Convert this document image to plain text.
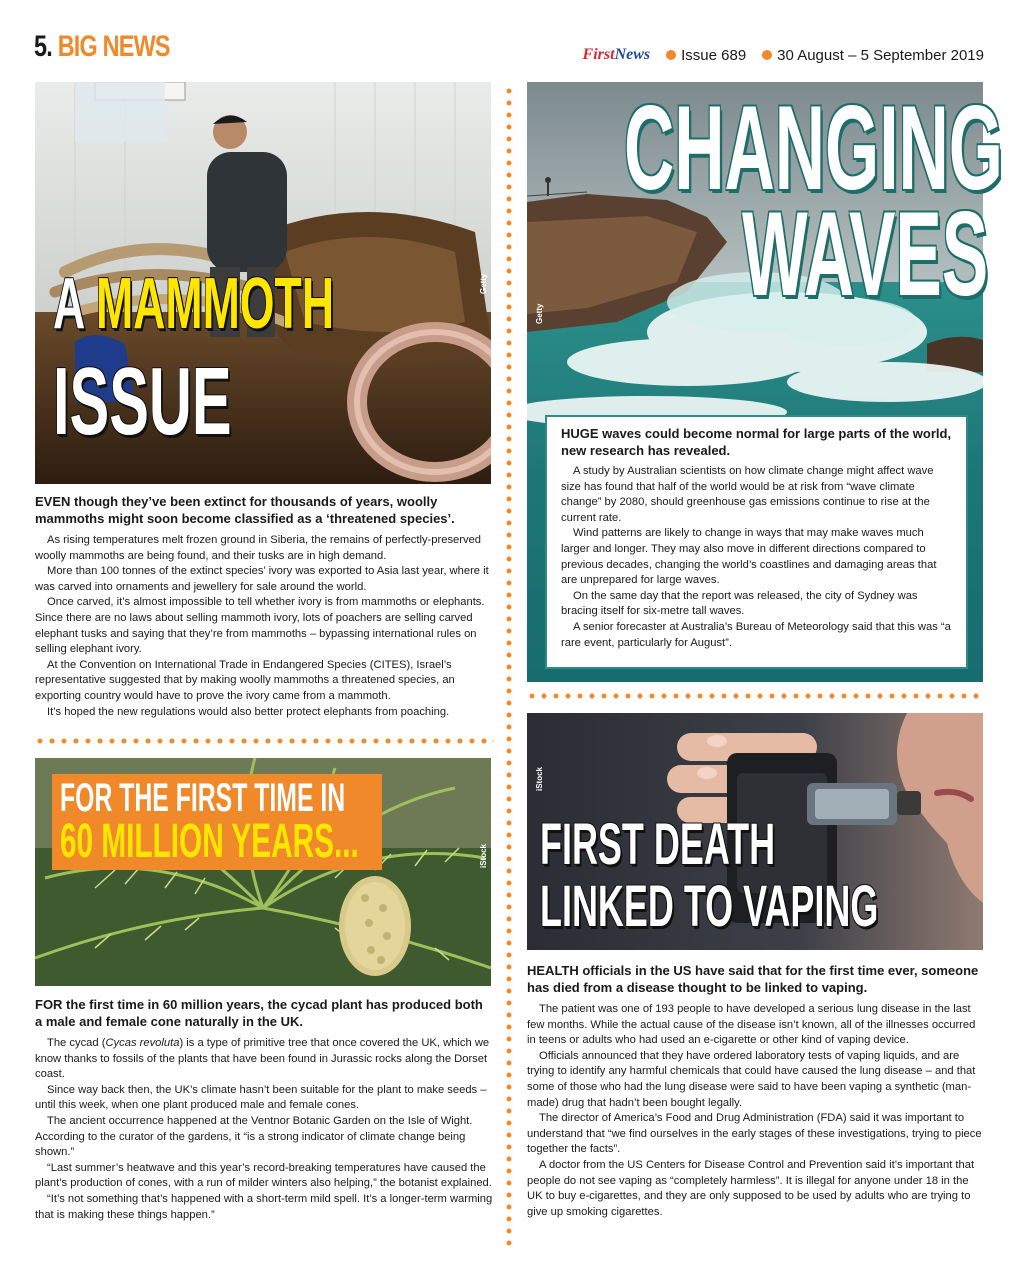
5. BIG NEWS	FirstNews Issue 689 30 August – 5 September 2019
Getty
A MAMMOTH
ISSUE
EVEN though they’ve been extinct for thousands of years, woolly mammoths might soon become classified as a ‘threatened species’.

As rising temperatures melt frozen ground in Siberia, the remains of perfectly-preserved woolly mammoths are being found, and their tusks are in high demand.

More than 100 tonnes of the extinct species’ ivory was exported to Asia last year, where it was carved into ornaments and jewellery for sale around the world.

Once carved, it’s almost impossible to tell whether ivory is from mammoths or elephants. Since there are no laws about selling mammoth ivory, lots of poachers are selling carved elephant tusks and saying that they’re from mammoths – bypassing international rules on selling elephant ivory.

At the Convention on International Trade in Endangered Species (CITES), Israel’s representative suggested that by making woolly mammoths a threatened species, an exporting country would have to prove the ivory came from a mammoth.

It’s hoped the new regulations would also better protect elephants from poaching.

iStock
FOR THE FIRST TIME IN
60 MILLION YEARS...
FOR the first time in 60 million years, the cycad plant has produced both a male and female cone naturally in the UK.

The cycad (Cycas revoluta) is a type of primitive tree that once covered the UK, which we know thanks to fossils of the plants that have been found in Jurassic rocks along the Dorset coast.

Since way back then, the UK’s climate hasn’t been suitable for the plant to make seeds – until this week, when one plant produced male and female cones.

The ancient occurrence happened at the Ventnor Botanic Garden on the Isle of Wight. According to the curator of the gardens, it “is a strong indicator of climate change being shown.”

“Last summer’s heatwave and this year’s record-breaking temperatures have caused the plant’s production of cones, with a run of milder winters also helping,” the botanist explained.

“It’s not something that’s happened with a short-term mild spell. It’s a longer-term warming that is making these things happen.”

Getty
CHANGING
WAVES
HUGE waves could become normal for large parts of the world, new research has revealed.

A study by Australian scientists on how climate change might affect wave size has found that half of the world would be at risk from “wave climate change” by 2080, should greenhouse gas emissions continue to rise at the current rate.

Wind patterns are likely to change in ways that may make waves much larger and longer. They may also move in different directions compared to previous decades, changing the world’s coastlines and damaging areas that are unprepared for large waves.

On the same day that the report was released, the city of Sydney was bracing itself for six-metre tall waves.

A senior forecaster at Australia’s Bureau of Meteorology said that this was “a rare event, particularly for August”.

iStock
FIRST DEATH
LINKED TO VAPING
HEALTH officials in the US have said that for the first time ever, someone has died from a disease thought to be linked to vaping.

The patient was one of 193 people to have developed a serious lung disease in the last few months. While the actual cause of the disease isn’t known, all of the illnesses occurred in teens or adults who had used an e-cigarette or other kind of vaping device.

Officials announced that they have ordered laboratory tests of vaping liquids, and are trying to identify any harmful chemicals that could have caused the lung disease – and that some of those who had the lung disease were said to have been vaping a synthetic (man-made) drug that hadn’t been bought legally.

The director of America’s Food and Drug Administration (FDA) said it was important to understand that “we find ourselves in the early stages of these investigations, trying to piece together the facts”.

A doctor from the US Centers for Disease Control and Prevention said it’s important that people do not see vaping as “completely harmless”. It is illegal for anyone under 18 in the UK to buy e-cigarettes, and they are only supposed to be used by adults who are trying to give up smoking cigarettes.
